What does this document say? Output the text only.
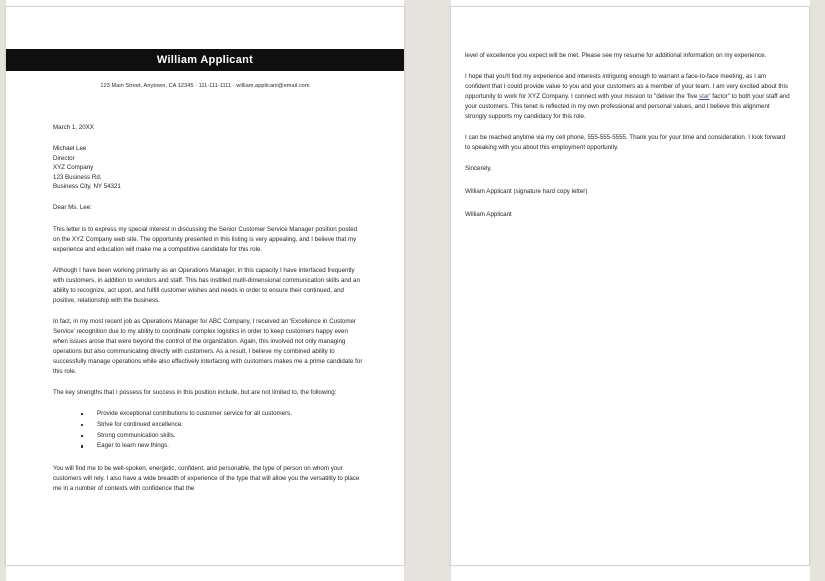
William Applicant
123 Main Street, Anytown, CA 12345 · 111-111-1111 · william.applicant@email.com

March 1, 20XX

Michael Lee
Director
XYZ Company
123 Business Rd.
Business City, NY 54321

Dear Ms. Lee:

This letter is to express my special interest in discussing the Senior Customer Service Manager position posted on the XYZ Company web site. The opportunity presented in this listing is very appealing, and I believe that my experience and education will make me a competitive candidate for this role.

Although I have been working primarily as an Operations Manager, in this capacity I have interfaced frequently with customers, in addition to vendors and staff. This has instilled multi-dimensional communication skills and an ability to recognize, act upon, and fulfill customer wishes and needs in order to ensure their continued, and positive, relationship with the business.

In fact, in my most recent job as Operations Manager for ABC Company, I received an 'Excellence in Customer Service' recognition due to my ability to coordinate complex logistics in order to keep customers happy even when issues arose that were beyond the control of the organization. Again, this involved not only managing operations but also communicating directly with customers. As a result, I believe my combined ability to successfully manage operations while also effectively interfacing with customers makes me a prime candidate for this role.

The key strengths that I possess for success in this position include, but are not limited to, the following:

Provide exceptional contributions to customer service for all customers.
Strive for continued excellence.
Strong communication skills.
Eager to learn new things.

You will find me to be well-spoken, energetic, confident, and personable, the type of person on whom your customers will rely. I also have a wide breadth of experience of the type that will allow you the versatility to place me in a number of contexts with confidence that the

level of excellence you expect will be met. Please see my resume for additional information on my experience.

I hope that you'll find my experience and interests intriguing enough to warrant a face-to-face meeting, as I am confident that I could provide value to you and your customers as a member of your team. I am very excited about this opportunity to work for XYZ Company. I connect with your mission to "deliver the 'five star' factor" to both your staff and your customers. This tenet is reflected in my own professional and personal values, and I believe this alignment strongly supports my candidacy for this role.

I can be reached anytime via my cell phone, 555-555-5555. Thank you for your time and consideration. I look forward to speaking with you about this employment opportunity.

Sincerely,

William Applicant (signature hard copy letter)

William Applicant
